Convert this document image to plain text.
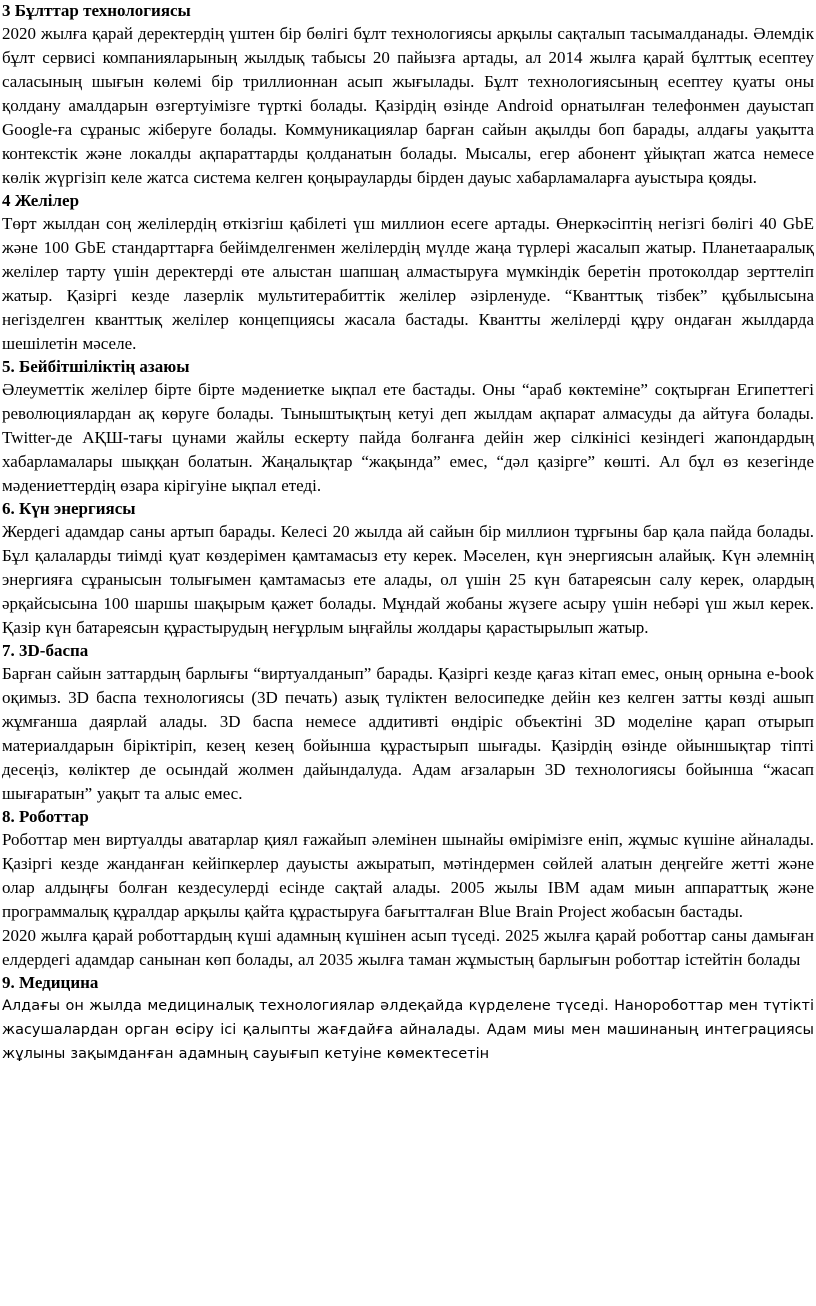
3 Бұлттар технологиясы

2020 жылға қарай деректердің үштен бір бөлігі бұлт технологиясы арқылы сақталып тасымалданады. Әлемдік бұлт сервисі компанияларының жылдық табысы 20 пайызға артады, ал 2014 жылға қарай бұлттық есептеу саласының шығын көлемі бір триллионнан асып жығылады. Бұлт технологиясының есептеу қуаты оны қолдану амалдарын өзгертуімізге түрткі болады. Қазірдің өзінде Android орнатылған телефонмен дауыстап Google-ға сұраныс жіберуге болады. Коммуникациялар барған сайын ақылды боп барады, алдағы уақытта контекстік және локалды ақпараттарды қолданатын болады. Мысалы, егер абонент ұйықтап жатса немесе көлік жүргізіп келе жатса система келген қоңырауларды бірден дауыс хабарламаларға ауыстыра қояды.

4 Желілер

Төрт жылдан соң желілердің өткізгіш қабілеті үш миллион есеге артады. Өнеркәсіптің негізгі бөлігі 40 GbE және 100 GbE стандарттарға бейімделгенмен желілердің мүлде жаңа түрлері жасалып жатыр. Планетааралық желілер тарту үшін деректерді өте алыстан шапшаң алмастыруға мүмкіндік беретін протоколдар зерттеліп жатыр. Қазіргі кезде лазерлік мультитерабиттік желілер әзірленуде. “Кванттық тізбек” құбылысына негізделген кванттық желілер концепциясы жасала бастады. Квантты желілерді құру ондаған жылдарда шешілетін мәселе.

5. Бейбітшіліктің азаюы

Әлеуметтік желілер бірте бірте мәдениетке ықпал ете бастады. Оны “араб көктеміне” соқтырған Египеттегі революциялардан ақ көруге болады. Тыныштықтың кетуі деп жылдам ақпарат алмасуды да айтуға болады. Twitter-де АҚШ-тағы цунами жайлы ескерту пайда болғанға дейін жер сілкінісі кезіндегі жапондардың хабарламалары шыққан болатын. Жаңалықтар “жақында” емес, “дәл қазірге” көшті. Ал бұл өз кезегінде мәдениеттердің өзара кірігуіне ықпал етеді.

6. Күн энергиясы

Жердегі адамдар саны артып барады. Келесі 20 жылда ай сайын бір миллион тұрғыны бар қала пайда болады. Бұл қалаларды тиімді қуат көздерімен қамтамасыз ету керек. Мәселен, күн энергиясын алайық. Күн әлемнің энергияға сұранысын толығымен қамтамасыз ете алады, ол үшін 25 күн батареясын салу керек, олардың әрқайсысына 100 шаршы шақырым қажет болады. Мұндай жобаны жүзеге асыру үшін небәрі үш жыл керек. Қазір күн батареясын құрастырудың неғұрлым ыңғайлы жолдары қарастырылып жатыр.

7. 3D-баспа

Барған сайын заттардың барлығы “виртуалданып” барады. Қазіргі кезде қағаз кітап емес, оның орнына e-book оқимыз. 3D баспа технологиясы (3D печать) азық түліктен велосипедке дейін кез келген затты көзді ашып жұмғанша даярлай алады. 3D баспа немесе аддитивті өндіріс объектіні 3D моделіне қарап отырып материалдарын біріктіріп, кезең кезең бойынша құрастырып шығады. Қазірдің өзінде ойыншықтар тіпті десеңіз, көліктер де осындай жолмен дайындалуда. Адам ағзаларын 3D технологиясы бойынша “жасап шығаратын” уақыт та алыс емес.

8. Роботтар

Роботтар мен виртуалды аватарлар қиял ғажайып әлемінен шынайы өмірімізге еніп, жұмыс күшіне айналады. Қазіргі кезде жанданған кейіпкерлер дауысты ажыратып, мәтіндермен сөйлей алатын деңгейге жетті және олар алдыңғы болған кездесулерді есінде сақтай алады. 2005 жылы IBM адам миын аппараттық және программалық құралдар арқылы қайта құрастыруға бағытталған Blue Brain Project жобасын бастады.

2020 жылға қарай роботтардың күші адамның күшінен асып түседі. 2025 жылға қарай роботтар саны дамыған елдердегі адамдар санынан көп болады, ал 2035 жылға таман жұмыстың барлығын роботтар істейтін болады

9. Медицина

Алдағы он жылда медициналық технологиялар әлдеқайда күрделене түседі. Нанороботтар мен түтікті жасушалардан орган өсіру ісі қалыпты жағдайға айналады. Адам миы мен машинаның интеграциясы жұлыны зақымданған адамның сауығып кетуіне көмектесетін
